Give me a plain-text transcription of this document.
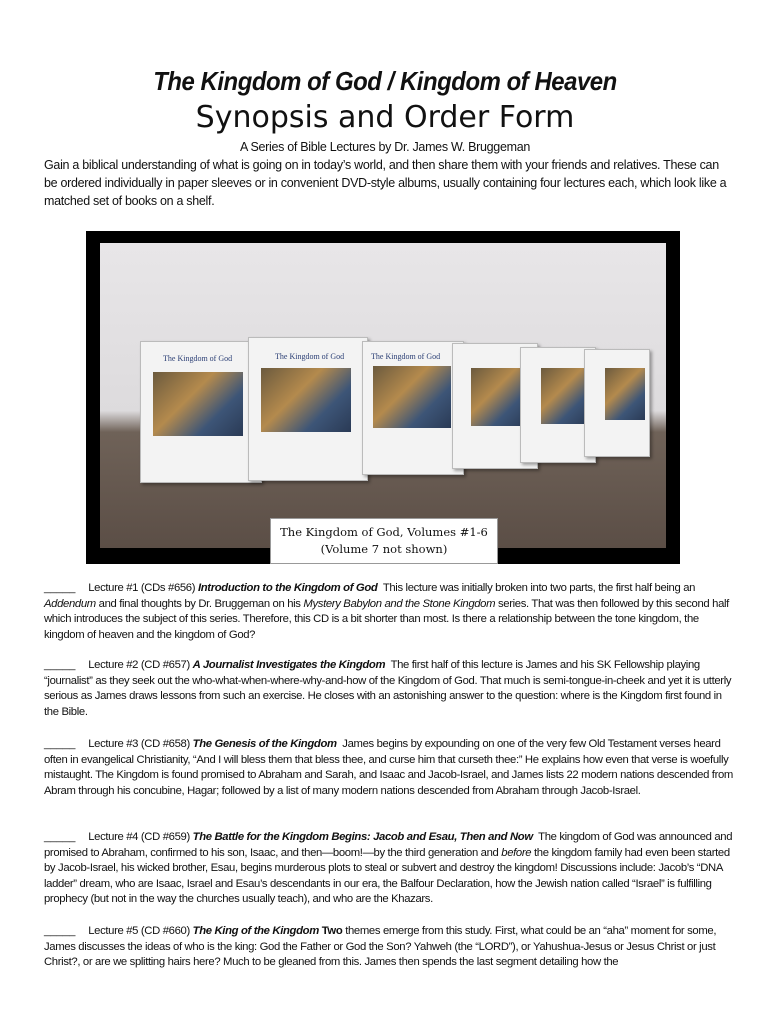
The Kingdom of God / Kingdom of Heaven
Synopsis and Order Form
A Series of Bible Lectures by Dr. James W. Bruggeman
Gain a biblical understanding of what is going on in today’s world, and then share them with your friends and relatives. These can be ordered individually in paper sleeves or in convenient DVD-style albums, usually containing four lectures each, which look like a matched set of books on a shelf.
The Kingdom of God	The Kingdom of God	The Kingdom of God
The Kingdom of God, Volumes #1-6
(Volume 7 not shown)
_____ Lecture #1 (CDs #656) Introduction to the Kingdom of God This lecture was initially broken into two parts, the first half being an
Addendum and final thoughts by Dr. Bruggeman on his Mystery Babylon and the Stone Kingdom series. That was then followed by this second half which introduces the subject of this series. Therefore, this CD is a bit shorter than most. Is there a relationship between the tone kingdom, the kingdom of heaven and the kingdom of God?
_____ Lecture #2 (CD #657) A Journalist Investigates the Kingdom The first half of this lecture is James and his SK Fellowship playing “journalist” as they seek out the who-what-when-where-why-and-how of the Kingdom of God. That much is semi-tongue-in-cheek and yet it is utterly serious as James draws lessons from such an exercise. He closes with an astonishing answer to the question: where is the Kingdom first found in the Bible.
_____ Lecture #3 (CD #658) The Genesis of the Kingdom James begins by expounding on one of the very few Old Testament verses heard often in evangelical Christianity, “And I will bless them that bless thee, and curse him that curseth thee:” He explains how even that verse is woefully mistaught. The Kingdom is found promised to Abraham and Sarah, and Isaac and Jacob-Israel, and James lists 22 modern nations descended from Abram through his concubine, Hagar; followed by a list of many modern nations descended from Abraham through Jacob-Israel.
_____ Lecture #4 (CD #659) The Battle for the Kingdom Begins: Jacob and Esau, Then and Now The kingdom of God was announced and promised to Abraham, confirmed to his son, Isaac, and then—boom!—by the third generation and before the kingdom family had even been started by Jacob-Israel, his wicked brother, Esau, begins murderous plots to steal or subvert and destroy the kingdom! Discussions include: Jacob’s “DNA ladder” dream, who are Isaac, Israel and Esau’s descendants in our era, the Balfour Declaration, how the Jewish nation called “Israel” is fulfilling prophecy (but not in the way the churches usually teach), and who are the Khazars.
_____ Lecture #5 (CD #660) The King of the Kingdom Two themes emerge from this study. First, what could be an “aha” moment for some, James discusses the ideas of who is the king: God the Father or God the Son? Yahweh (the “LORD”), or Yahushua-Jesus or Jesus Christ or just Christ?, or are we splitting hairs here? Much to be gleaned from this. James then spends the last segment detailing how the
